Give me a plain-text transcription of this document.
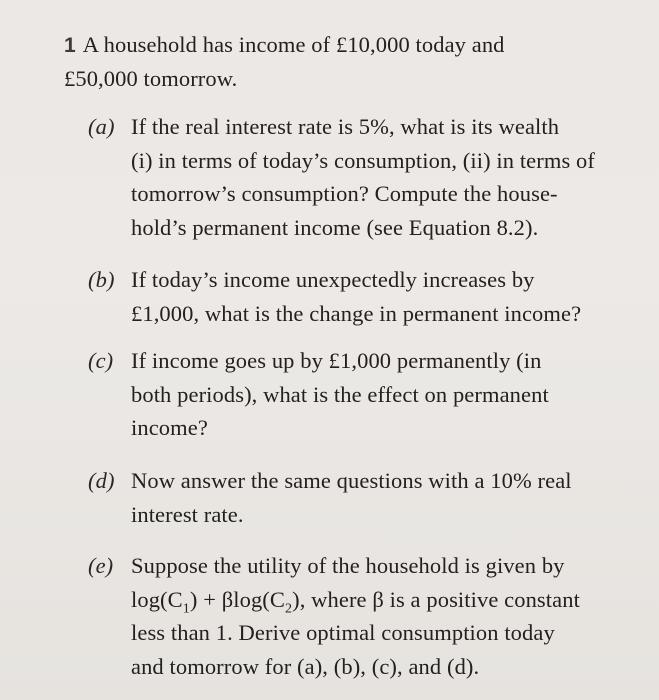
1 A household has income of £10,000 today and
£50,000 tomorrow.
(a) If the real interest rate is 5%, what is its wealth
(i) in terms of today’s consumption, (ii) in terms of
tomorrow’s consumption? Compute the house-
hold’s permanent income (see Equation 8.2).
(b) If today’s income unexpectedly increases by
£1,000, what is the change in permanent income?
(c) If income goes up by £1,000 permanently (in
both periods), what is the effect on permanent
income?
(d) Now answer the same questions with a 10% real
interest rate.
(e) Suppose the utility of the household is given by
$\log(C_1) + \beta\log(C_2)$, where β is a positive constant
less than 1. Derive optimal consumption today
and tomorrow for (a), (b), (c), and (d).
